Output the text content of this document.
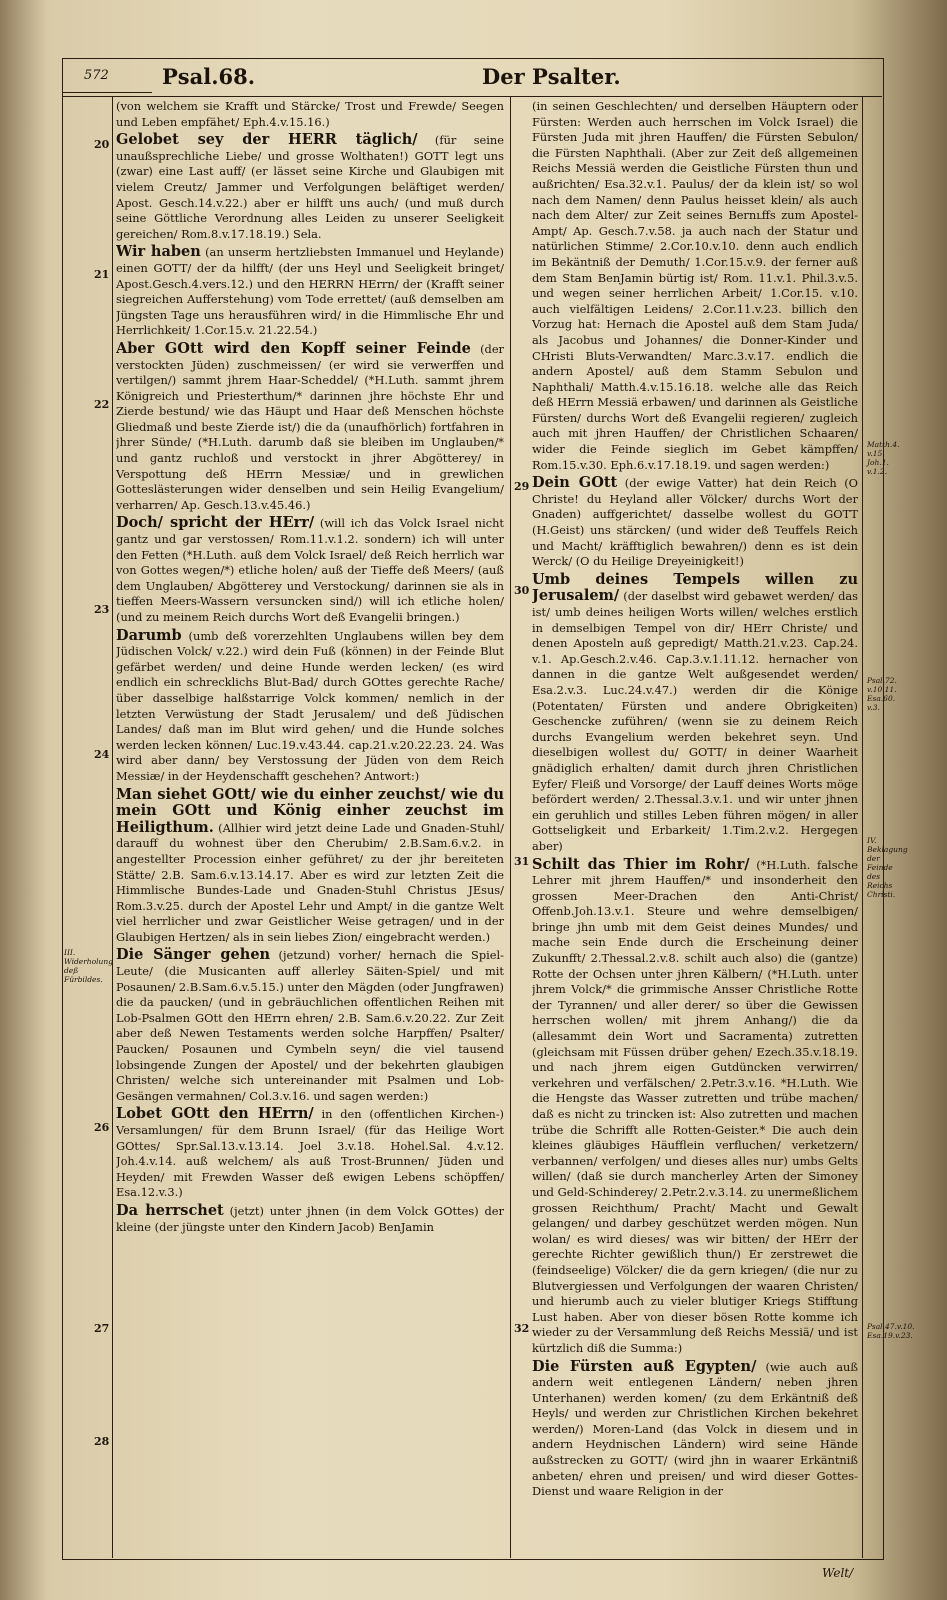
572	Psal.68.	Der Psalter.
20
21
22
23
24
26
27
28
29
30
31
32
III. Widerholung deß Fürbildes.
Matth.4. v.15. Joh.1. v.1.2.
Psal.72. v.10.11. Esa.60. v.3.
IV. Beklagung der Feinde des Reichs Christi.
Psal.47.v.10. Esa.19.v.23.

(von welchem sie Krafft und Stärcke/ Trost und Frewde/ Seegen und Leben empfähet/ Eph.4.v.15.16.)

Gelobet sey der HERR täglich/ (für seine unaußsprechliche Liebe/ und grosse Wolthaten!) GOTT legt uns (zwar) eine Last auff/ (er lässet seine Kirche und Glaubigen mit vielem Creutz/ Jammer und Verfolgungen beläftiget werden/ Apost. Gesch.14.v.22.) aber er hilfft uns auch/ (und muß durch seine Göttliche Verordnung alles Leiden zu unserer Seeligkeit gereichen/ Rom.8.v.17.18.19.) Sela.

Wir haben (an unserm hertzliebsten Immanuel und Heylande) einen GOTT/ der da hilfft/ (der uns Heyl und Seeligkeit bringet/ Apost.Gesch.4.vers.12.) und den HERRN HErrn/ der (Krafft seiner siegreichen Aufferstehung) vom Tode errettet/ (auß demselben am Jüngsten Tage uns herausführen wird/ in die Himmlische Ehr und Herrlichkeit/ 1.Cor.15.v. 21.22.54.)

Aber GOtt wird den Kopff seiner Feinde (der verstockten Jüden) zuschmeissen/ (er wird sie verwerffen und vertilgen/) sammt jhrem Haar-Scheddel/ (*H.Luth. sammt jhrem Königreich und Priesterthum/* darinnen jhre höchste Ehr und Zierde bestund/ wie das Häupt und Haar deß Menschen höchste Gliedmaß und beste Zierde ist/) die da (unaufhörlich) fortfahren in jhrer Sünde/ (*H.Luth. darumb daß sie bleiben im Unglauben/* und gantz ruchloß und verstockt in jhrer Abgötterey/ in Verspottung deß HErrn Messiæ/ und in grewlichen Gotteslästerungen wider denselben und sein Heilig Evangelium/ verharren/ Ap. Gesch.13.v.45.46.)

Doch/ spricht der HErr/ (will ich das Volck Israel nicht gantz und gar verstossen/ Rom.11.v.1.2. sondern) ich will unter den Fetten (*H.Luth. auß dem Volck Israel/ deß Reich herrlich war von Gottes wegen/*) etliche holen/ auß der Tieffe deß Meers/ (auß dem Unglauben/ Abgötterey und Verstockung/ darinnen sie als in tieffen Meers-Wassern versuncken sind/) will ich etliche holen/ (und zu meinem Reich durchs Wort deß Evangelii bringen.)

Darumb (umb deß vorerzehlten Unglaubens willen bey dem Jüdischen Volck/ v.22.) wird dein Fuß (können) in der Feinde Blut gefärbet werden/ und deine Hunde werden lecken/ (es wird endlich ein schrecklichs Blut-Bad/ durch GOttes gerechte Rache/ über dasselbige halßstarrige Volck kommen/ nemlich in der letzten Verwüstung der Stadt Jerusalem/ und deß Jüdischen Landes/ daß man im Blut wird gehen/ und die Hunde solches werden lecken können/ Luc.19.v.43.44. cap.21.v.20.22.23. 24. Was wird aber dann/ bey Verstossung der Jüden von dem Reich Messiæ/ in der Heydenschafft geschehen? Antwort:)

Man siehet GOtt/ wie du einher zeuchst/ wie du mein GOtt und König einher zeuchst im Heiligthum. (Allhier wird jetzt deine Lade und Gnaden-Stuhl/ darauff du wohnest über den Cherubim/ 2.B.Sam.6.v.2. in angestellter Procession einher geführet/ zu der jhr bereiteten Stätte/ 2.B. Sam.6.v.13.14.17. Aber es wird zur letzten Zeit die Himmlische Bundes-Lade und Gnaden-Stuhl Christus JEsus/ Rom.3.v.25. durch der Apostel Lehr und Ampt/ in die gantze Welt viel herrlicher und zwar Geistlicher Weise getragen/ und in der Glaubigen Hertzen/ als in sein liebes Zion/ eingebracht werden.)

Die Sänger gehen (jetzund) vorher/ hernach die Spiel-Leute/ (die Musicanten auff allerley Säiten-Spiel/ und mit Posaunen/ 2.B.Sam.6.v.5.15.) unter den Mägden (oder Jungfrawen) die da paucken/ (und in gebräuchlichen offentlichen Reihen mit Lob-Psalmen GOtt den HErrn ehren/ 2.B. Sam.6.v.20.22. Zur Zeit aber deß Newen Testaments werden solche Harpffen/ Psalter/ Paucken/ Posaunen und Cymbeln seyn/ die viel tausend lobsingende Zungen der Apostel/ und der bekehrten glaubigen Christen/ welche sich untereinander mit Psalmen und Lob-Gesängen vermahnen/ Col.3.v.16. und sagen werden:)

Lobet GOtt den HErrn/ in den (offentlichen Kirchen-) Versamlungen/ für dem Brunn Israel/ (für das Heilige Wort GOttes/ Spr.Sal.13.v.13.14. Joel 3.v.18. Hohel.Sal. 4.v.12. Joh.4.v.14. auß welchem/ als auß Trost-Brunnen/ Jüden und Heyden/ mit Frewden Wasser deß ewigen Lebens schöpffen/ Esa.12.v.3.)

Da herrschet (jetzt) unter jhnen (in dem Volck GOttes) der kleine (der jüngste unter den Kindern Jacob) BenJamin

(in seinen Geschlechten/ und derselben Häuptern oder Fürsten: Werden auch herrschen im Volck Israel) die Fürsten Juda mit jhren Hauffen/ die Fürsten Sebulon/ die Fürsten Naphthali. (Aber zur Zeit deß allgemeinen Reichs Messiä werden die Geistliche Fürsten thun und außrichten/ Esa.32.v.1. Paulus/ der da klein ist/ so wol nach dem Namen/ denn Paulus heisset klein/ als auch nach dem Alter/ zur Zeit seines Berուffs zum Apostel-Ampt/ Ap. Gesch.7.v.58. ja auch nach der Statur und natürlichen Stimme/ 2.Cor.10.v.10. denn auch endlich im Bekäntniß der Demuth/ 1.Cor.15.v.9. der ferner auß dem Stam BenJamin bürtig ist/ Rom. 11.v.1. Phil.3.v.5. und wegen seiner herrlichen Arbeit/ 1.Cor.15. v.10. auch vielfältigen Leidens/ 2.Cor.11.v.23. billich den Vorzug hat: Hernach die Apostel auß dem Stam Juda/ als Jacobus und Johannes/ die Donner-Kinder und CHristi Bluts-Verwandten/ Marc.3.v.17. endlich die andern Apostel/ auß dem Stamm Sebulon und Naphthali/ Matth.4.v.15.16.18. welche alle das Reich deß HErrn Messiä erbawen/ und darinnen als Geistliche Fürsten/ durchs Wort deß Evangelii regieren/ zugleich auch mit jhren Hauffen/ der Christlichen Schaaren/ wider die Feinde sieglich im Gebet kämpffen/ Rom.15.v.30. Eph.6.v.17.18.19. und sagen werden:)

Dein GOtt (der ewige Vatter) hat dein Reich (O Christe! du Heyland aller Völcker/ durchs Wort der Gnaden) auffgerichtet/ dasselbe wollest du GOTT (H.Geist) uns stärcken/ (und wider deß Teuffels Reich und Macht/ kräfftiglich bewahren/) denn es ist dein Werck/ (O du Heilige Dreyeinigkeit!)

Umb deines Tempels willen zu Jerusalem/ (der daselbst wird gebawet werden/ das ist/ umb deines heiligen Worts willen/ welches erstlich in demselbigen Tempel von dir/ HErr Christe/ und denen Aposteln auß gepredigt/ Matth.21.v.23. Cap.24. v.1. Ap.Gesch.2.v.46. Cap.3.v.1.11.12. hernacher von dannen in die gantze Welt außgesendet werden/ Esa.2.v.3. Luc.24.v.47.) werden dir die Könige (Potentaten/ Fürsten und andere Obrigkeiten) Geschencke zuführen/ (wenn sie zu deinem Reich durchs Evangelium werden bekehret seyn. Und dieselbigen wollest du/ GOTT/ in deiner Waarheit gnädiglich erhalten/ damit durch jhren Christlichen Eyfer/ Fleiß und Vorsorge/ der Lauff deines Worts möge befördert werden/ 2.Thessal.3.v.1. und wir unter jhnen ein geruhlich und stilles Leben führen mögen/ in aller Gottseligkeit und Erbarkeit/ 1.Tim.2.v.2. Hergegen aber)

Schilt das Thier im Rohr/ (*H.Luth. falsche Lehrer mit jhrem Hauffen/* und insonderheit den grossen Meer-Drachen den Anti-Christ/ Offenb.Joh.13.v.1. Steure und wehre demselbigen/ bringe jhn umb mit dem Geist deines Mundes/ und mache sein Ende durch die Erscheinung deiner Zukunfft/ 2.Thessal.2.v.8. schilt auch also) die (gantze) Rotte der Ochsen unter jhren Kälbern/ (*H.Luth. unter jhrem Volck/* die grimmische Ansser Christliche Rotte der Tyrannen/ und aller derer/ so über die Gewissen herrschen wollen/ mit jhrem Anhang/) die da (allesammt dein Wort und Sacramenta) zutretten (gleichsam mit Füssen drüber gehen/ Ezech.35.v.18.19. und nach jhrem eigen Gutdüncken verwirren/ verkehren und verfälschen/ 2.Petr.3.v.16. *H.Luth. Wie die Hengste das Wasser zutretten und trübe machen/ daß es nicht zu trincken ist: Also zutretten und machen trübe die Schrifft alle Rotten-Geister.* Die auch dein kleines gläubiges Häufflein verfluchen/ verketzern/ verbannen/ verfolgen/ und dieses alles nur) umbs Gelts willen/ (daß sie durch mancherley Arten der Simoney und Geld-Schinderey/ 2.Petr.2.v.3.14. zu unermeßlichem grossen Reichthum/ Pracht/ Macht und Gewalt gelangen/ und darbey geschützet werden mögen. Nun wolan/ es wird dieses/ was wir bitten/ der HErr der gerechte Richter gewißlich thun/) Er zerstrewet die (feindseelige) Völcker/ die da gern kriegen/ (die nur zu Blutvergiessen und Verfolgungen der waaren Christen/ und hierumb auch zu vieler blutiger Kriegs Stifftung Lust haben. Aber von dieser bösen Rotte komme ich wieder zu der Versammlung deß Reichs Messiä/ und ist kürtzlich diß die Summa:)

Die Fürsten auß Egypten/ (wie auch auß andern weit entlegenen Ländern/ neben jhren Unterhanen) werden komen/ (zu dem Erkäntniß deß Heyls/ und werden zur Christlichen Kirchen bekehret werden/) Moren-Land (das Volck in diesem und in andern Heydnischen Ländern) wird seine Hände außstrecken zu GOTT/ (wird jhn in waarer Erkäntniß anbeten/ ehren und preisen/ und wird dieser Gottes-Dienst und waare Religion in der

Welt/
